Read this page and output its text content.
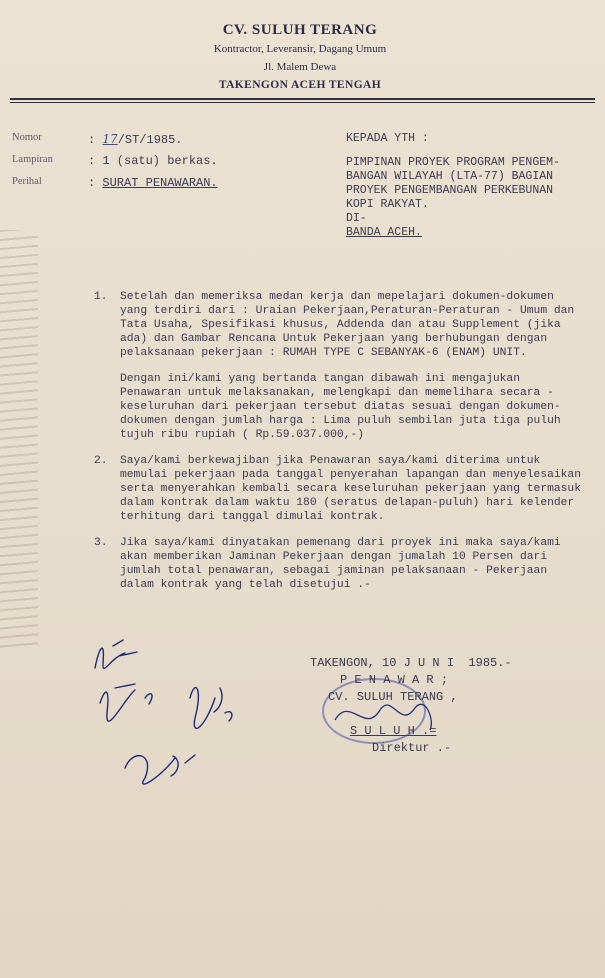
CV. SULUH TERANG
Kontractor, Leveransir, Dagang Umum
Jl. Malem Dewa
TAKENGON ACEH TENGAH
Nomor
Lampiran
Perihal
: 17/ST/1985.
: 1 (satu) berkas.
: SURAT PENAWARAN.
KEPADA YTH :
PIMPINAN PROYEK PROGRAM PENGEM-
BANGAN WILAYAH (LTA-77) BAGIAN
PROYEK PENGEMBANGAN PERKEBUNAN
KOPI RAKYAT.
DI-
BANDA ACEH.
1. Setelah dan memeriksa medan kerja dan mepelajari dokumen-dokumen yang terdiri dari : Uraian Pekerjaan,Peraturan-Peraturan - Umum dan Tata Usaha, Spesifikasi khusus, Addenda dan atau Supplement (jika ada) dan Gambar Rencana Untuk Pekerjaan yang berhubungan dengan pelaksanaan pekerjaan : RUMAH TYPE C SEBANYAK-6 (ENAM) UNIT.
Dengan ini/kami yang bertanda tangan dibawah ini mengajukan Penawaran untuk melaksanakan, melengkapi dan memelihara secara - keseluruhan dari pekerjaan tersebut diatas sesuai dengan dokumen-dokumen dengan jumlah harga : Lima puluh sembilan juta tiga puluh tujuh ribu rupiah ( Rp.59.037.000,-)
2. Saya/kami berkewajiban jika Penawaran saya/kami diterima untuk memulai pekerjaan pada tanggal penyerahan lapangan dan menyelesaikan serta menyerahkan kembali secara keseluruhan pekerjaan yang termasuk dalam kontrak dalam waktu 180 (seratus delapan-puluh) hari kelender terhitung dari tanggal dimulai kontrak.
3. Jika saya/kami dinyatakan pemenang dari proyek ini maka saya/kami akan memberikan Jaminan Pekerjaan dengan jumalah 10 Persen dari jumlah total penawaran, sebagai jaminan pelaksanaan - Pekerjaan dalam kontrak yang telah disetujui .-
TAKENGON, 10 J U N I  1985.-
P E N A W A R ;
CV. SULUH TERANG ,
S U L U H .=
Direktur .-
